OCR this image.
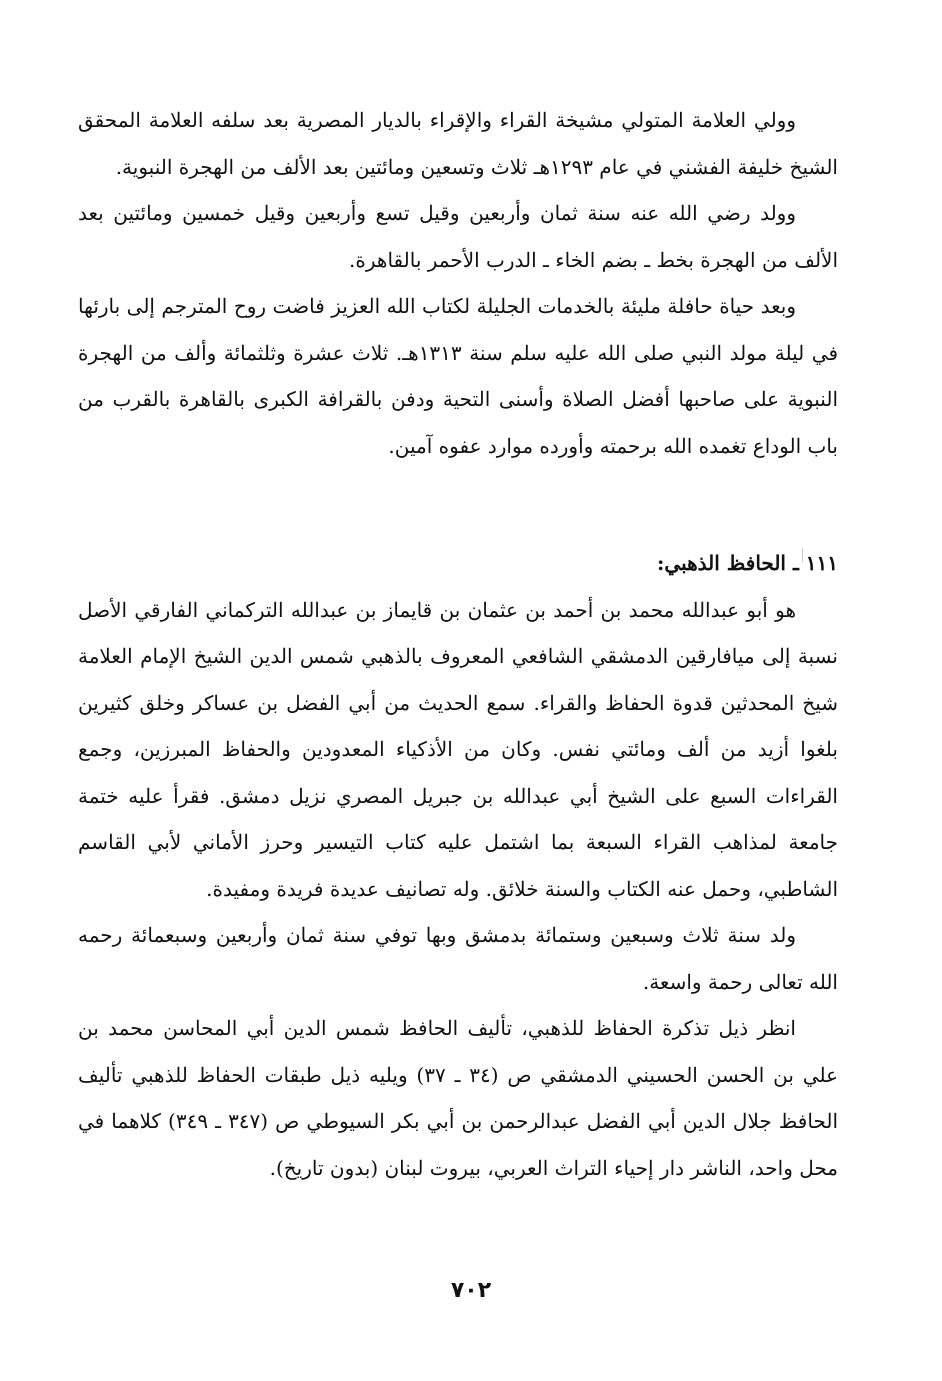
وولي العلامة المتولي مشيخة القراء والإقراء بالديار المصرية بعد سلفه العلامة المحقق الشيخ خليفة الفشني في عام ١٢٩٣هـ ثلاث وتسعين ومائتين بعد الألف من الهجرة النبوية.

وولد رضي الله عنه سنة ثمان وأربعين وقيل تسع وأربعين وقيل خمسين ومائتين بعد الألف من الهجرة بخط ـ بضم الخاء ـ الدرب الأحمر بالقاهرة.

وبعد حياة حافلة مليئة بالخدمات الجليلة لكتاب الله العزيز فاضت روح المترجم إلى بارئها في ليلة مولد النبي صلى الله عليه سلم سنة ١٣١٣هـ. ثلاث عشرة وثلثمائة وألف من الهجرة النبوية على صاحبها أفضل الصلاة وأسنى التحية ودفن بالقرافة الكبرى بالقاهرة بالقرب من باب الوداع تغمده الله برحمته وأورده موارد عفوه آمين.

١١١ ـ الحافظ الذهبي:

هو أبو عبدالله محمد بن أحمد بن عثمان بن قايماز بن عبدالله التركماني الفارقي الأصل نسبة إلى ميافارقين الدمشقي الشافعي المعروف بالذهبي شمس الدين الشيخ الإمام العلامة شيخ المحدثين قدوة الحفاظ والقراء. سمع الحديث من أبي الفضل بن عساكر وخلق كثيرين بلغوا أزيد من ألف ومائتي نفس. وكان من الأذكياء المعدودين والحفاظ المبرزين، وجمع القراءات السبع على الشيخ أبي عبدالله بن جبريل المصري نزيل دمشق. فقرأ عليه ختمة جامعة لمذاهب القراء السبعة بما اشتمل عليه كتاب التيسير وحرز الأماني لأبي القاسم الشاطبي، وحمل عنه الكتاب والسنة خلائق. وله تصانيف عديدة فريدة ومفيدة.

ولد سنة ثلاث وسبعين وستمائة بدمشق وبها توفي سنة ثمان وأربعين وسبعمائة رحمه الله تعالى رحمة واسعة.

انظر ذيل تذكرة الحفاظ للذهبي، تأليف الحافظ شمس الدين أبي المحاسن محمد بن علي بن الحسن الحسيني الدمشقي ص (٣٤ ـ ٣٧) ويليه ذيل طبقات الحفاظ للذهبي تأليف الحافظ جلال الدين أبي الفضل عبدالرحمن بن أبي بكر السيوطي ص (٣٤٧ ـ ٣٤٩) كلاهما في محل واحد، الناشر دار إحياء التراث العربي، بيروت لبنان (بدون تاريخ).

٧٠٢
